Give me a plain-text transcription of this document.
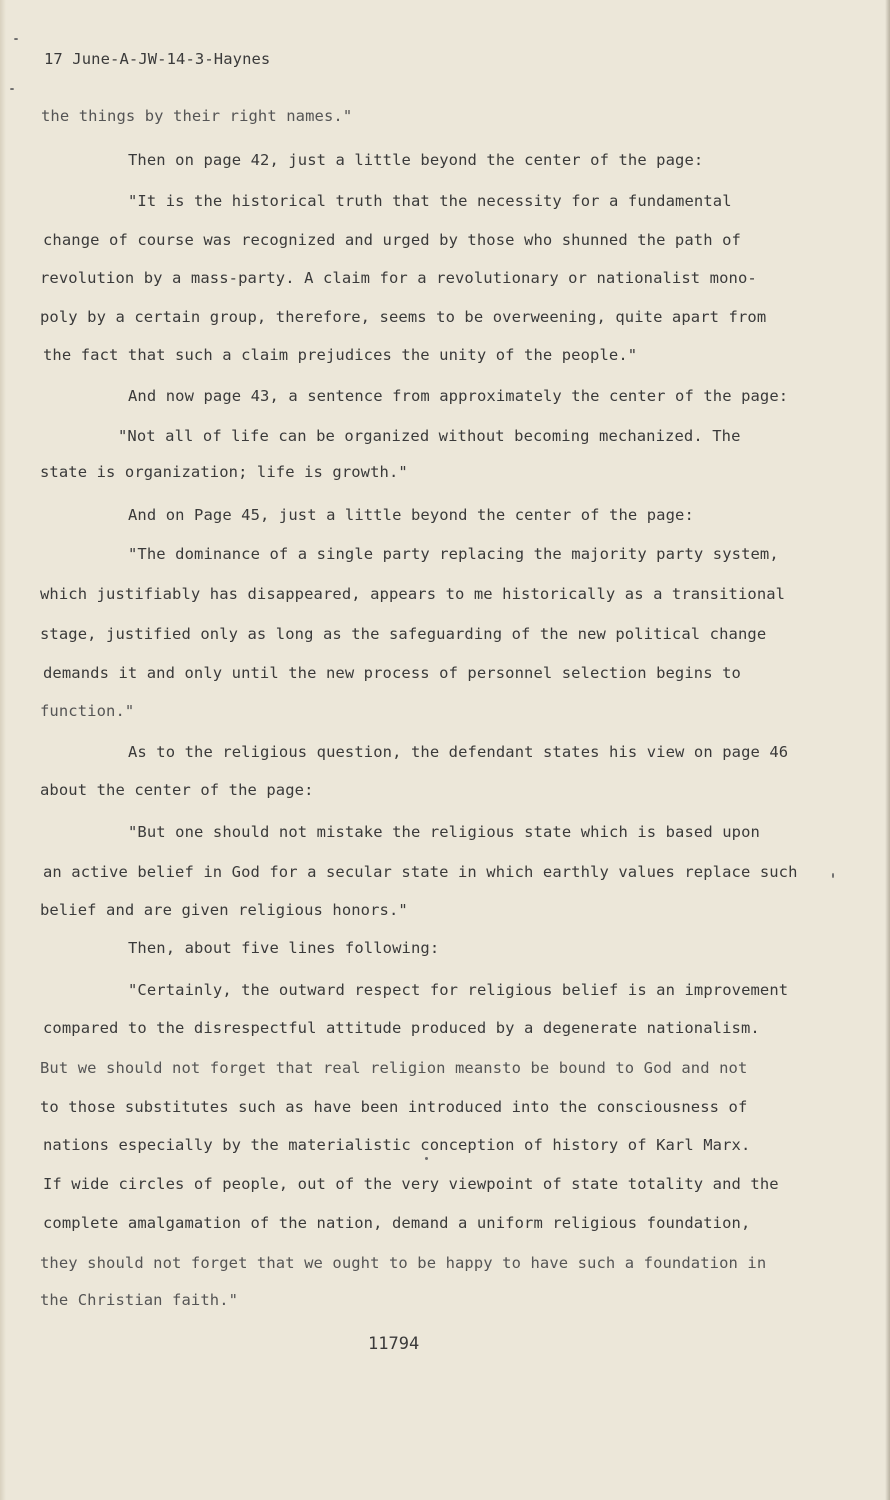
17 June-A-JW-14-3-Haynes
the things by their right names."
Then on page 42, just a little beyond the center of the page:
"It is the historical truth that the necessity for a fundamental
change of course was recognized and urged by those who shunned the path of
revolution by a mass-party. A claim for a revolutionary or nationalist mono-
poly by a certain group, therefore, seems to be overweening, quite apart from
the fact that such a claim prejudices the unity of the people."
And now page 43, a sentence from approximately the center of the page:
"Not all of life can be organized without becoming mechanized. The
state is organization; life is growth."
And on Page 45, just a little beyond the center of the page:
"The dominance of a single party replacing the majority party system,
which justifiably has disappeared, appears to me historically as a transitional
stage, justified only as long as the safeguarding of the new political change
demands it and only until the new process of personnel selection begins to
function."
As to the religious question, the defendant states his view on page 46
about the center of the page:
"But one should not mistake the religious state which is based upon
an active belief in God for a secular state in which earthly values replace such
belief and are given religious honors."
Then, about five lines following:
"Certainly, the outward respect for religious belief is an improvement
compared to the disrespectful attitude produced by a degenerate nationalism.
But we should not forget that real religion meansto be bound to God and not
to those substitutes such as have been introduced into the consciousness of
nations especially by the materialistic conception of history of Karl Marx.
If wide circles of people, out of the very viewpoint of state totality and the
complete amalgamation of the nation, demand a uniform religious foundation,
they should not forget that we ought to be happy to have such a foundation in
the Christian faith."
11794
